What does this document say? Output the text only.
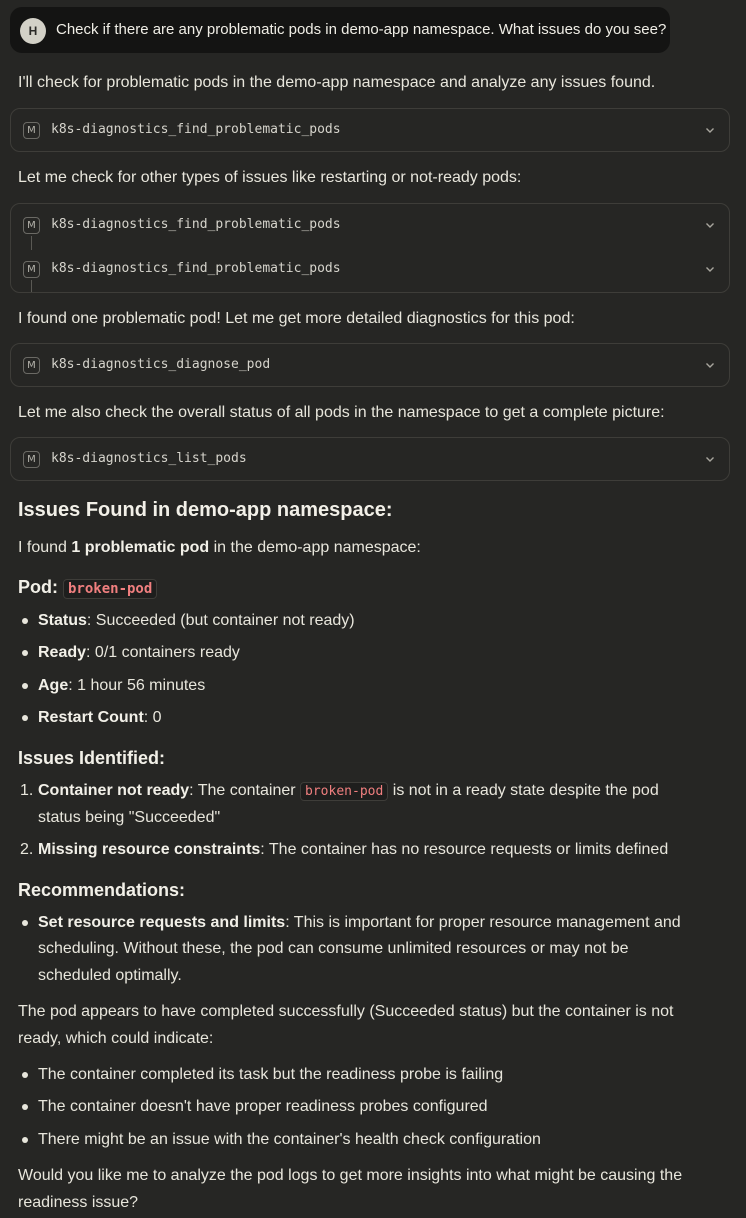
H	Check if there are any problematic pods in demo-app namespace. What issues do you see?
I'll check for problematic pods in the demo-app namespace and analyze any issues found.
M	k8s-diagnostics_find_problematic_pods
Let me check for other types of issues like restarting or not-ready pods:
M	k8s-diagnostics_find_problematic_pods
M	k8s-diagnostics_find_problematic_pods
I found one problematic pod! Let me get more detailed diagnostics for this pod:
M	k8s-diagnostics_diagnose_pod
Let me also check the overall status of all pods in the namespace to get a complete picture:
M	k8s-diagnostics_list_pods
Issues Found in demo-app namespace:
I found 1 problematic pod in the demo-app namespace:
Pod: broken-pod
Status: Succeeded (but container not ready)
Ready: 0/1 containers ready
Age: 1 hour 56 minutes
Restart Count: 0
Issues Identified:
1. Container not ready: The container broken-pod is not in a ready state despite the pod
status being "Succeeded"
2. Missing resource constraints: The container has no resource requests or limits defined
Recommendations:
Set resource requests and limits: This is important for proper resource management and
scheduling. Without these, the pod can consume unlimited resources or may not be
scheduled optimally.
The pod appears to have completed successfully (Succeeded status) but the container is not
ready, which could indicate:
The container completed its task but the readiness probe is failing
The container doesn't have proper readiness probes configured
There might be an issue with the container's health check configuration
Would you like me to analyze the pod logs to get more insights into what might be causing the
readiness issue?
